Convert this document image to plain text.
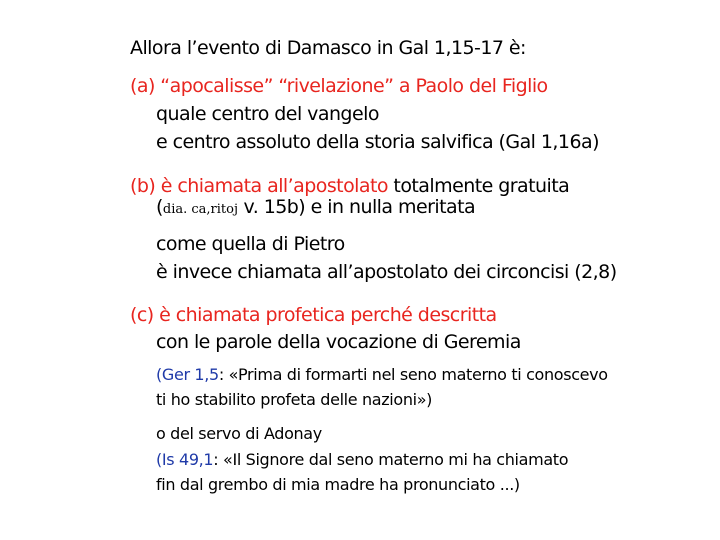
Allora l’evento di Damasco in Gal 1,15-17 è:
(a) “apocalisse” “rivelazione” a Paolo del Figlio
quale centro del vangelo
e centro assoluto della storia salvifica (Gal 1,16a)
(b) è chiamata all’apostolato totalmente gratuita
(dia. ca,ritoj v. 15b) e in nulla meritata
come quella di Pietro
è invece chiamata all’apostolato dei circoncisi (2,8)
(c) è chiamata profetica perché descritta
con le parole della vocazione di Geremia
(Ger 1,5: «Prima di formarti nel seno materno ti conoscevo
ti ho stabilito profeta delle nazioni»)
o del servo di Adonay
(Is 49,1: «Il Signore dal seno materno mi ha chiamato
fin dal grembo di mia madre ha pronunciato ...)
